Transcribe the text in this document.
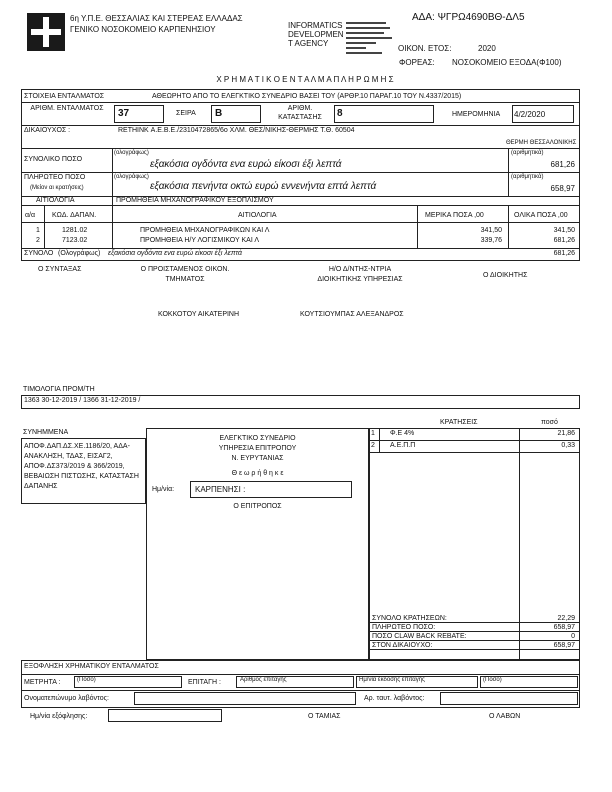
6η Υ.Π.Ε. ΘΕΣΣΑΛΙΑΣ ΚΑΙ ΣΤΕΡΕΑΣ ΕΛΛΑΔΑΣ
ΓΕΝΙΚΟ ΝΟΣΟΚΟΜΕΙΟ ΚΑΡΠΕΝΗΣΙΟΥ	INFORMATICS
DEVELOPMEN
T AGENCY
ΑΔΑ: ΨΓΡΩ4690ΒΘ-ΔΛ5
ΟΙΚΟΝ. ΕΤΟΣ:	2020
ΦΟΡΕΑΣ: ΝΟΣΟΚΟΜΕΙΟ ΕΞΟΔΑ(Φ100)
Χ Ρ Η Μ Α Τ Ι Κ Ο Ε Ν Τ Α Λ Μ Α Π Λ Η Ρ Ω Μ Η Σ
ΣΤΟΙΧΕΙΑ ΕΝΤΑΛΜΑΤΟΣ	ΑΘΕΩΡΗΤΟ ΑΠΟ ΤΟ ΕΛΕΓΚΤΙΚΟ ΣΥΝΕΔΡΙΟ ΒΑΣΕΙ ΤΟΥ (ΑΡΘΡ.10 ΠΑΡΑΓ.10 ΤΟΥ Ν.4337/2015)
ΑΡΙΘΜ. ΕΝΤΑΛΜΑΤΟΣ	37	ΣΕΙΡΑ B	ΑΡΙΘΜ. ΚΑΤΑΣΤΑΣΗΣ	8	ΗΜΕΡΟΜΗΝΙΑ 4/2/2020
ΔΙΚΑΙΟΥΧΟΣ :	RETHINK Α.Ε.Β.Ε./2310472865/6ο ΧΛΜ. ΘΕΣ/ΝΙΚΗΣ-ΘΕΡΜΗΣ Τ.Θ. 60504
ΘΕΡΜΗ ΘΕΣΣΑΛΟΝΙΚΗΣ
ΣΥΝΟΛΙΚΟ ΠΟΣΟ
(ολογράφως)
εξακόσια ογδόντα ενα ευρώ είκοσι έξι λεπτά
(αριθμητικά)
681,26
ΠΛΗΡΩΤΕΟ ΠΟΣΟ
(Μείον αι κρατήσεις)
(ολογράφως)
εξακόσια πενήντα οκτώ ευρώ εννενήντα επτά λεπτά
(αριθμητικά)
658,97
ΑΙΤΙΟΛΟΓΙΑ	ΠΡΟΜΗΘΕΙΑ ΜΗΧΑΝΟΓΡΑΦΙΚΟΥ ΕΞΟΠΛΙΣΜΟΥ
α/α ΚΩΔ. ΔΑΠΑΝ.	ΑΙΤΙΟΛΟΓΙΑ	ΜΕΡΙΚΑ ΠΟΣΑ ,00	ΟΛΙΚΑ ΠΟΣΑ ,00
1	1281.02	ΠΡΟΜΗΘΕΙΑ ΜΗΧΑΝΟΓΡΑΦΙΚΩΝ ΚΑΙ Λ	341,50	341,50
2	7123.02	ΠΡΟΜΗΘΕΙΑ Η/Υ ΛΟΓΙΣΜΙΚΟΥ ΚΑΙ Λ	339,76	681,26
ΣΥΝΟΛΟ (Ολογράφως) εξακόσια ογδόντα ενα ευρώ είκοσι έξι λεπτά	681,26
Ο ΣΥΝΤΑΞΑΣ	Ο ΠΡΟΙΣΤΑΜΕΝΟΣ ΟΙΚΟΝ.
ΤΜΗΜΑΤΟΣ
Η/Ο Δ/ΝΤΗΣ-ΝΤΡΙΑ
ΔΙΟΙΚΗΤΙΚΗΣ ΥΠΗΡΕΣΙΑΣ
Ο ΔΙΟΙΚΗΤΗΣ
ΚΟΚΚΟΤΟΥ ΑΙΚΑΤΕΡΙΝΗ	ΚΟΥΤΣΙΟΥΜΠΑΣ ΑΛΕΞΑΝΔΡΟΣ
ΤΙΜΟΛΟΓΙΑ ΠΡΟΜ/ΤΗ
1363 30-12-2019 / 1366 31-12-2019 /
ΚΡΑΤΗΣΕΙΣ	ποσό
ΣΥΝΗΜΜΕΝΑ
ΑΠΟΦ.ΔΑΠ.ΔΣ.ΧΕ.1186/20, ΑΔΑ-ΑΝΑΚΛΗΣΗ, ΤΔΑΣ, ΕΙΣΑΓ2, ΑΠΟΦ.ΔΣ373/2019 & 366/2019, ΒΕΒΑΙΩΣΗ ΠΙΣΤΩΣΗΣ, ΚΑΤΑΣΤΑΣΗ ΔΑΠΑΝΗΣ
ΕΛΕΓΚΤΙΚΟ ΣΥΝΕΔΡΙΟ
ΥΠΗΡΕΣΙΑ ΕΠΙΤΡΟΠΟΥ
Ν. ΕΥΡΥΤΑΝΙΑΣ
Θ ε ω ρ ή θ η κ ε
Ημ/νία:	ΚΑΡΠΕΝΗΣΙ :
Ο ΕΠΙΤΡΟΠΟΣ
1 Φ.Ε 4%	21,86
2 Α.Ε.Π.Π	0,33
ΣΥΝΟΛΟ ΚΡΑΤΗΣΕΩΝ:	22,29
ΠΛΗΡΩΤΕΟ ΠΟΣΟ:	658,97
ΠΟΣΟ CLAW BACK REBATE:	0
ΣΤΟΝ ΔΙΚΑΙΟΥΧΟ:	658,97
ΕΞΟΦΛΗΣΗ ΧΡΗΜΑΤΙΚΟΥ ΕΝΤΑΛΜΑΤΟΣ
ΜΕΤΡΗΤΑ :	(Ποσό)	ΕΠΙΤΑΓΗ :	Αριθμός επιταγής	Ημ/νία έκδοσης επιταγής	(Ποσό)
Ονοματεπώνυμο λαβόντος:	Αρ. ταυτ. λαβόντος:
Ημ/νία εξόφλησης:	Ο ΤΑΜΙΑΣ	Ο ΛΑΒΩΝ
